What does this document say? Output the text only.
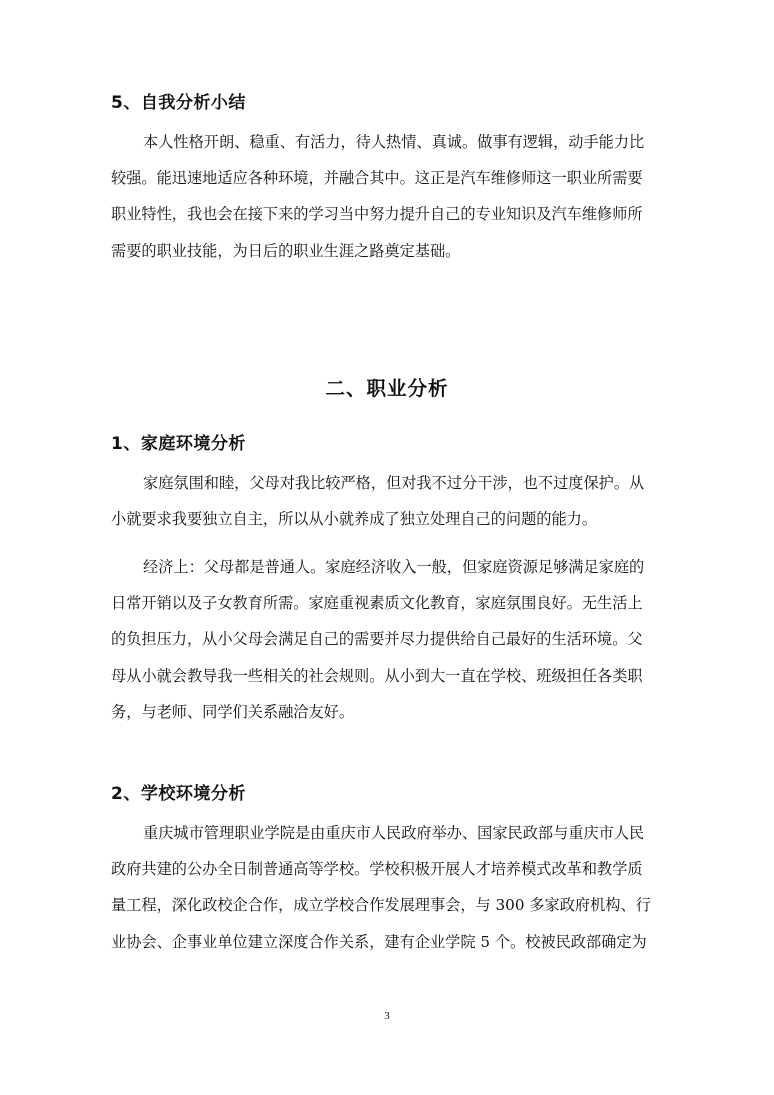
5、自我分析小结

本人性格开朗、稳重、有活力，待人热情、真诚。做事有逻辑，动手能力比
较强。能迅速地适应各种环境，并融合其中。这正是汽车维修师这一职业所需要
职业特性，我也会在接下来的学习当中努力提升自己的专业知识及汽车维修师所
需要的职业技能，为日后的职业生涯之路奠定基础。

二、职业分析
1、家庭环境分析

家庭氛围和睦，父母对我比较严格，但对我不过分干涉，也不过度保护。从
小就要求我要独立自主，所以从小就养成了独立处理自己的问题的能力。

经济上：父母都是普通人。家庭经济收入一般，但家庭资源足够满足家庭的
日常开销以及子女教育所需。家庭重视素质文化教育，家庭氛围良好。无生活上
的负担压力，从小父母会满足自己的需要并尽力提供给自己最好的生活环境。父
母从小就会教导我一些相关的社会规则。从小到大一直在学校、班级担任各类职
务，与老师、同学们关系融洽友好。

2、学校环境分析

重庆城市管理职业学院是由重庆市人民政府举办、国家民政部与重庆市人民
政府共建的公办全日制普通高等学校。学校积极开展人才培养模式改革和教学质
量工程，深化政校企合作，成立学校合作发展理事会，与 300 多家政府机构、行
业协会、企事业单位建立深度合作关系，建有企业学院 5 个。校被民政部确定为

3
